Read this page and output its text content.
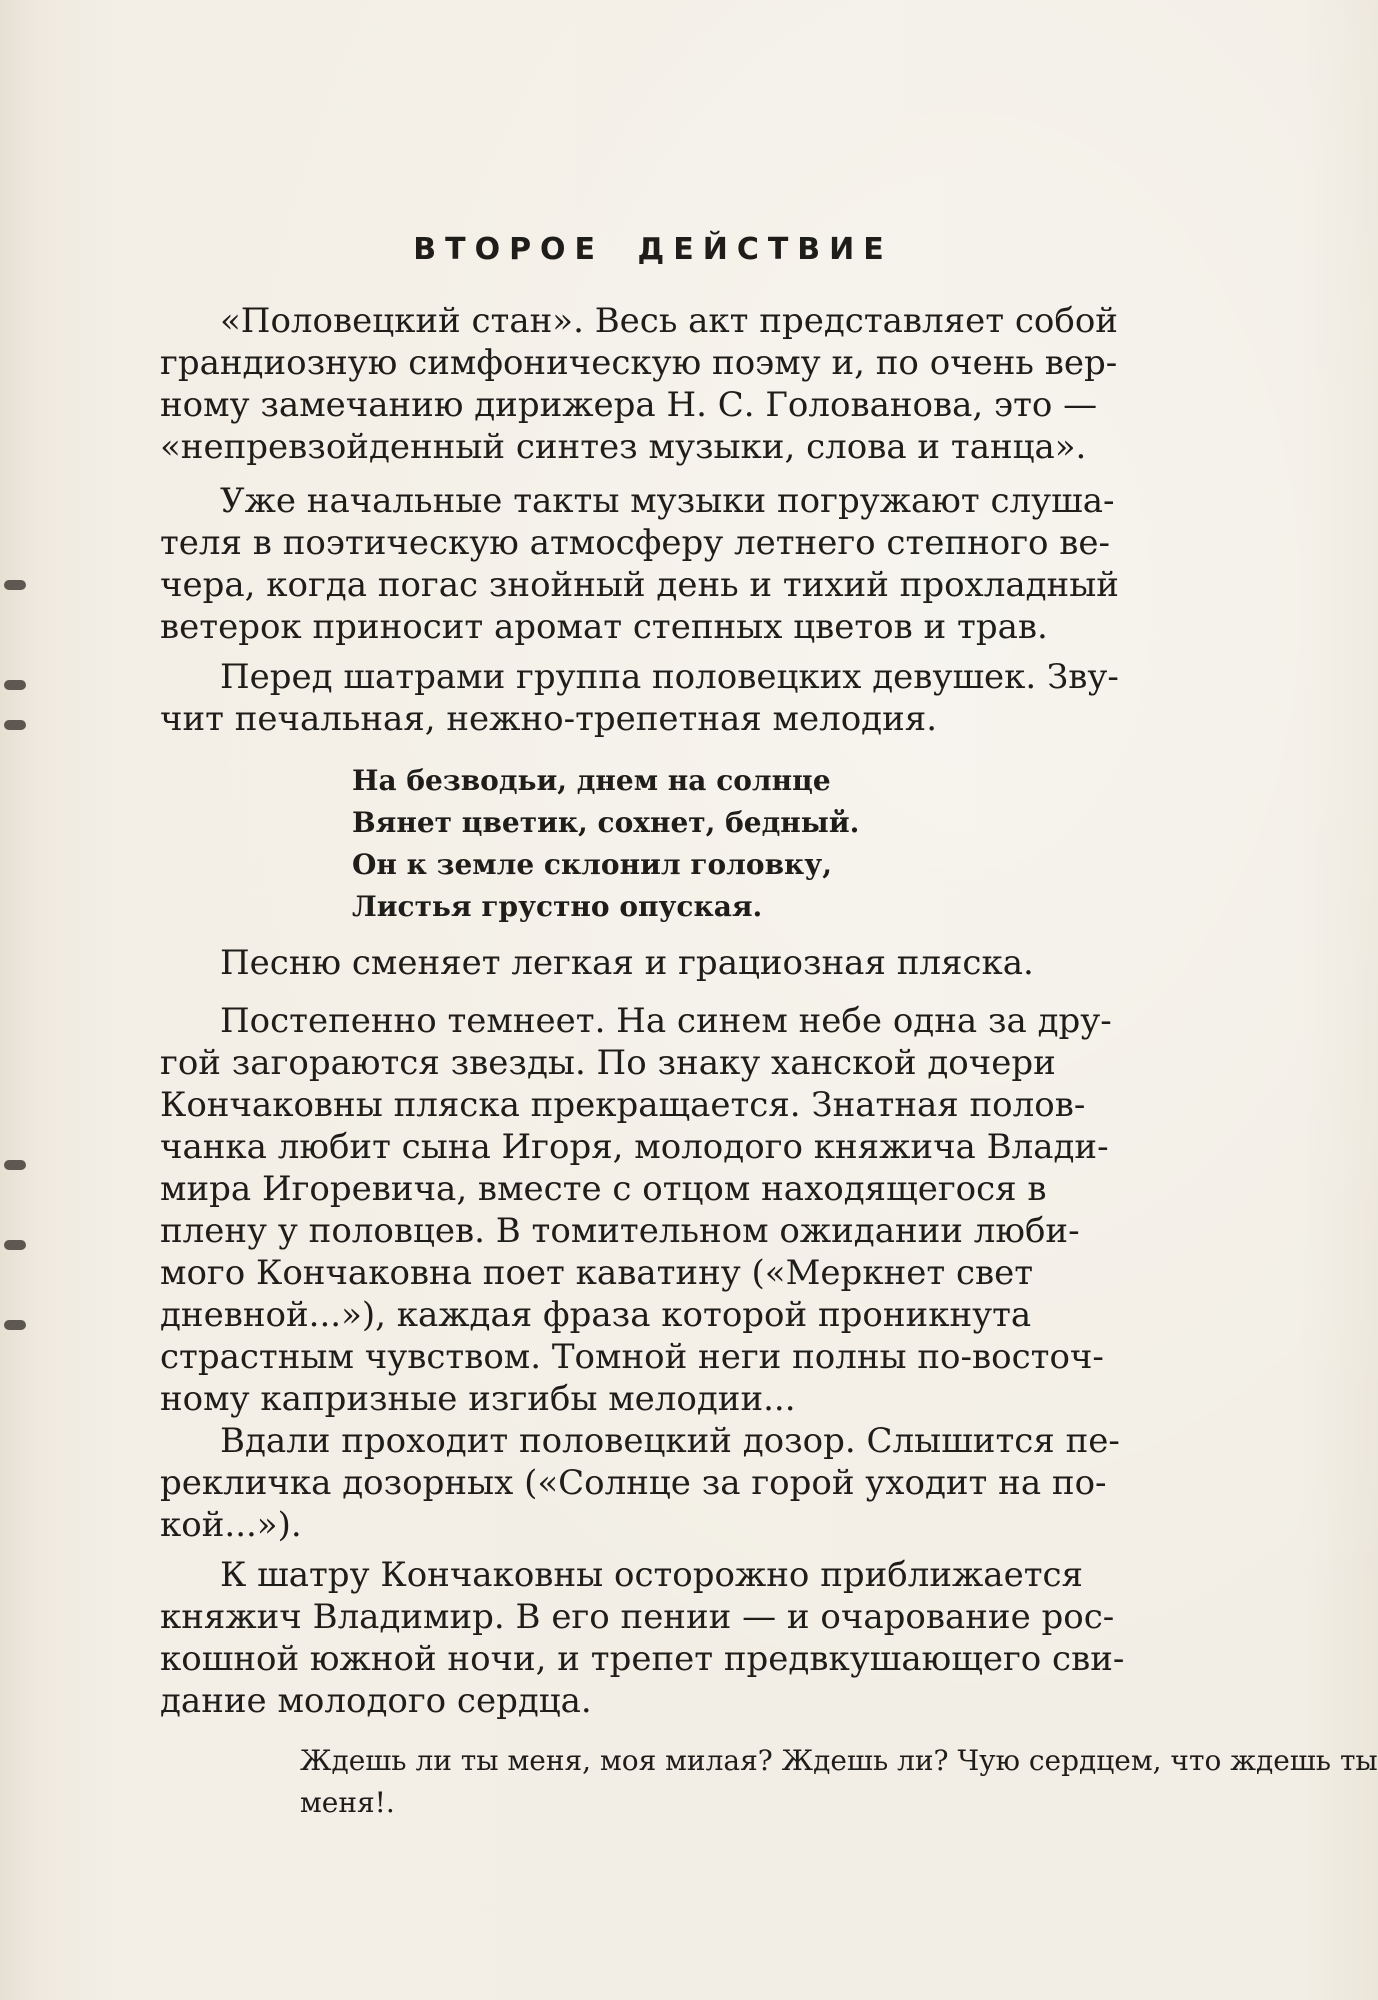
ВТОРОЕ ДЕЙСТВИЕ

«Половецкий стан». Весь акт представляет собой
грандиозную симфоническую поэму и, по очень вер-
ному замечанию дирижера Н. С. Голованова, это —
«непревзойденный синтез музыки, слова и танца».

Уже начальные такты музыки погружают слуша-
теля в поэтическую атмосферу летнего степного ве-
чера, когда погас знойный день и тихий прохладный
ветерок приносит аромат степных цветов и трав.

Перед шатрами группа половецких девушек. Зву-
чит печальная, нежно-трепетная мелодия.

На безводьи, днем на солнце
Вянет цветик, сохнет, бедный.
Он к земле склонил головку,
Листья грустно опуская.

Песню сменяет легкая и грациозная пляска.

Постепенно темнеет. На синем небе одна за дру-
гой загораются звезды. По знаку ханской дочери
Кончаковны пляска прекращается. Знатная полов-
чанка любит сына Игоря, молодого княжича Влади-
мира Игоревича, вместе с отцом находящегося в
плену у половцев. В томительном ожидании люби-
мого Кончаковна поет каватину («Меркнет свет
дневной...»), каждая фраза которой проникнута
страстным чувством. Томной неги полны по-восточ-
ному капризные изгибы мелодии...

Вдали проходит половецкий дозор. Слышится пе-
рекличка дозорных («Солнце за горой уходит на по-
кой...»).

К шатру Кончаковны осторожно приближается
княжич Владимир. В его пении — и очарование рос-
кошной южной ночи, и трепет предвкушающего сви-
дание молодого сердца.

Ждешь ли ты меня, моя милая? Ждешь ли? Чую сердцем, что ждешь ты меня!.
